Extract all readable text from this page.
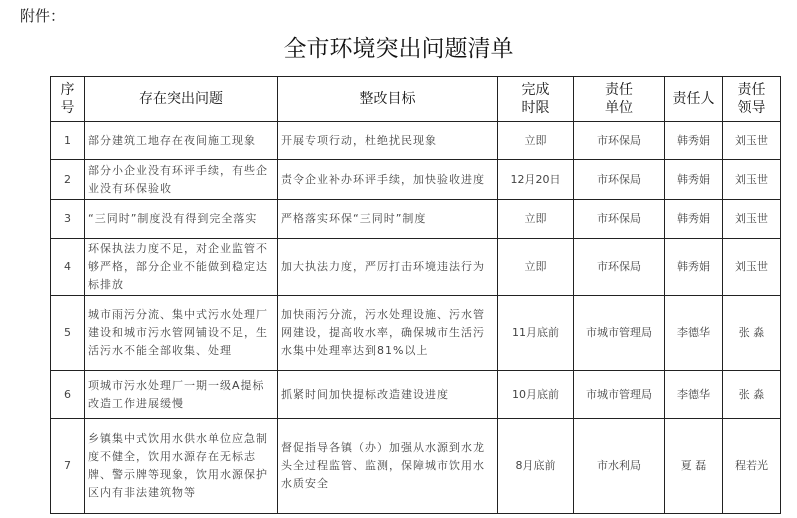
附件：
全市环境突出问题清单
序号	存在突出问题	整改目标	完成时限	责任单位	责任人	责任领导
1	部分建筑工地存在夜间施工现象	开展专项行动，杜绝扰民现象	立即	市环保局	韩秀娟	刘玉世
2	部分小企业没有环评手续，有些企业没有环保验收	责令企业补办环评手续，加快验收进度	12月20日	市环保局	韩秀娟	刘玉世
3	“三同时”制度没有得到完全落实	严格落实环保“三同时”制度	立即	市环保局	韩秀娟	刘玉世
4	环保执法力度不足，对企业监管不够严格，部分企业不能做到稳定达标排放	加大执法力度，严厉打击环境违法行为	立即	市环保局	韩秀娟	刘玉世
5	城市雨污分流、集中式污水处理厂建设和城市污水管网铺设不足，生活污水不能全部收集、处理	加快雨污分流，污水处理设施、污水管网建设，提高收水率，确保城市生活污水集中处理率达到81%以上	11月底前	市城市管理局	李德华	张 淼
6	项城市污水处理厂一期一级A提标改造工作进展缓慢	抓紧时间加快提标改造建设进度	10月底前	市城市管理局	李德华	张 淼
7	乡镇集中式饮用水供水单位应急制度不健全，饮用水源存在无标志牌、警示牌等现象，饮用水源保护区内有非法建筑物等	督促指导各镇（办）加强从水源到水龙头全过程监管、监测，保障城市饮用水水质安全	8月底前	市水利局	夏 磊	程若光
